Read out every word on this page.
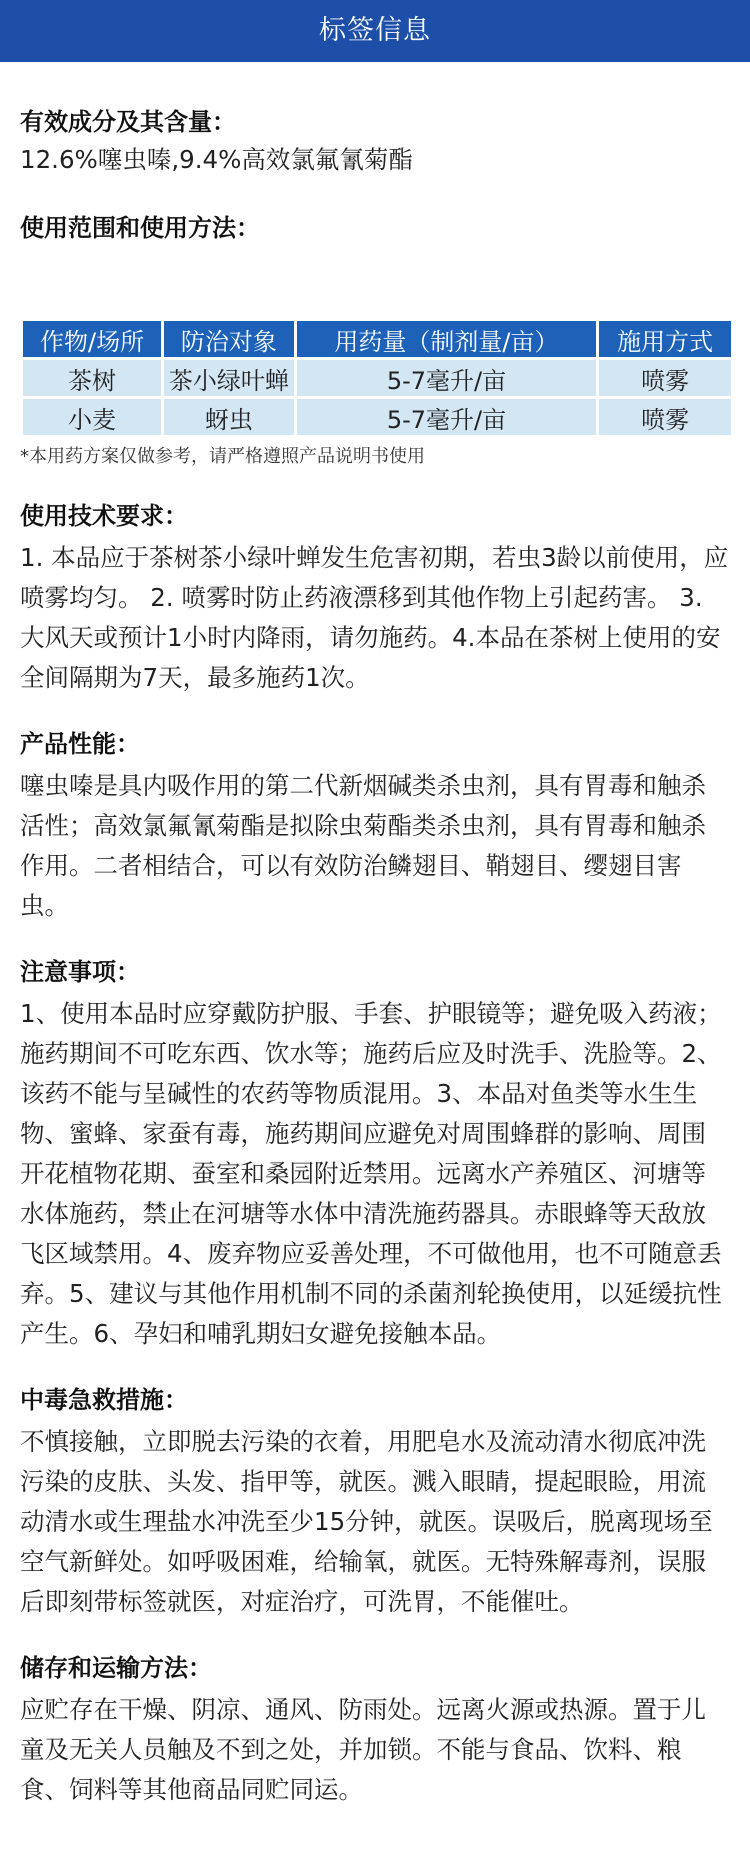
标签信息
有效成分及其含量：
12.6%噻虫嗪,9.4%高效氯氟氰菊酯
使用范围和使用方法：
作物/场所	防治对象	用药量（制剂量/亩）	施用方式
茶树	茶小绿叶蝉	5-7毫升/亩	喷雾
小麦	蚜虫	5-7毫升/亩	喷雾
*本用药方案仅做参考，请严格遵照产品说明书使用
使用技术要求：
1. 本品应于茶树茶小绿叶蝉发生危害初期，若虫3龄以前使用，应喷雾均匀。 2. 喷雾时防止药液漂移到其他作物上引起药害。 3. 大风天或预计1小时内降雨，请勿施药。4.本品在茶树上使用的安全间隔期为7天，最多施药1次。
产品性能：
噻虫嗪是具内吸作用的第二代新烟碱类杀虫剂，具有胃毒和触杀活性；高效氯氟氰菊酯是拟除虫菊酯类杀虫剂，具有胃毒和触杀作用。二者相结合，可以有效防治鳞翅目、鞘翅目、缨翅目害虫。
注意事项：
1、使用本品时应穿戴防护服、手套、护眼镜等；避免吸入药液；施药期间不可吃东西、饮水等；施药后应及时洗手、洗脸等。2、该药不能与呈碱性的农药等物质混用。3、本品对鱼类等水生生物、蜜蜂、家蚕有毒，施药期间应避免对周围蜂群的影响、周围开花植物花期、蚕室和桑园附近禁用。远离水产养殖区、河塘等水体施药，禁止在河塘等水体中清洗施药器具。赤眼蜂等天敌放飞区域禁用。4、废弃物应妥善处理，不可做他用，也不可随意丢弃。5、建议与其他作用机制不同的杀菌剂轮换使用，以延缓抗性产生。6、孕妇和哺乳期妇女避免接触本品。
中毒急救措施：
不慎接触，立即脱去污染的衣着，用肥皂水及流动清水彻底冲洗污染的皮肤、头发、指甲等，就医。溅入眼睛，提起眼睑，用流动清水或生理盐水冲洗至少15分钟，就医。误吸后，脱离现场至空气新鲜处。如呼吸困难，给输氧，就医。无特殊解毒剂，误服后即刻带标签就医，对症治疗，可洗胃，不能催吐。
储存和运输方法：
应贮存在干燥、阴凉、通风、防雨处。远离火源或热源。置于儿童及无关人员触及不到之处，并加锁。不能与食品、饮料、粮食、饲料等其他商品同贮同运。
